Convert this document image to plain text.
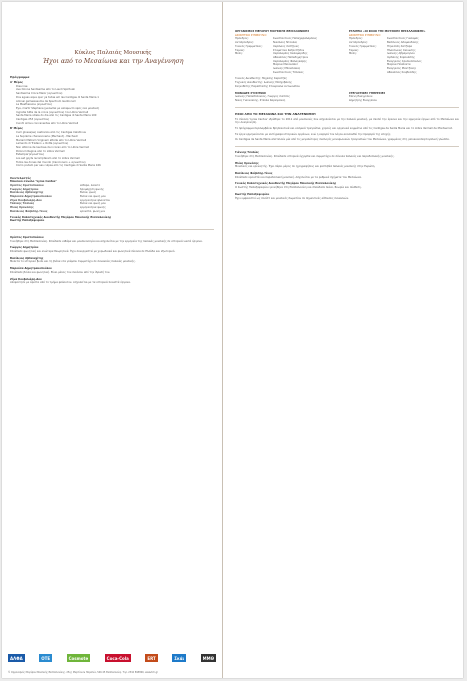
Κύκλος Παλαιάς Μουσικής
Ήχοι από το Μεσαίωνα και την Αναγέννηση
Πρόγραμμα
Α' Μέρος
Dies irae
Ave Donna Santissima από το Laudi Spirituali
Santissima Croce Maior (αγνώστου)
Dos aguas aqua que' ya todas em las Cantigas di Santa Maria 1
Adonai gamesiasuma de Spectrum Gentiorum
La Mesthereine (αγνώστου)
Eya, martir Stephane (μελωδία με καλαμωτό ύφος ένα μουσικό)
Ingratia tutta de la croce (αγνώστου) του Llibre Vermell
Santa Maria strela do dia από τις Cantigas di Santa Maria 100
Cantigas 253 (αγνώστου)
Cuncti simus concanentes από το Llibre Vermell
Β' Μέρος
Cum glosas(se) castrarios από τις Cantigas Calixtinus
La Suprème chansonnerie (Machaut) - Machaut
Mariam Matrem Virginem attolle από το Llibre Vermell
Lamento di Tristano + Rotta (αγνώστου)
Non attorna de laudosa da in Gran από το Llibre Vermell
Polorum Regina από το Llibre Vermell
Estampie'(αγνώστου)
Los set goyts recomptarem από το Llibre Vermell
Todos las donas del mundo (Cancionero + αγνώστου)
Como podem per sas culpas από τις Cantigas di Santa Maria 166
Συντελεστές
Μουσικό σύνολο "Lyras Cantus"
Χρίστος Χριστοδούλου	κιθάρα, λαούτο
Γιώργος Δημητρίου	δρομάχηση φωνής
Βασίλειος Αβδελαχίτης	Βιόλα, φωνή
Μαρούσα Δημητρακοπούλου	Βιόλα και φωνή μου
Ζήνα Κουβελιάρη-Δου	ερμηνεύτρια φλαούτου
Τάλλεης Τσαλίας	Βιόλα και φωνή μου
Ηλίας Χρονόσης	ερμηνεύτρια φωνής
Βασίλειος Φοίβιδης-Ξένος	κρουστά, φωνή μου
Γενικός Καλλιτεχνικός Διευθυντής Μεγάρου Μουσικής Θεσσαλονίκης
Κωστής Παπαζαφειρίου
Χρίστος Χριστοδούλου
Γεννήθηκε στη Θεσσαλονίκη. Σπούδασε κιθάρα και μουσικολογία και ασχολείται με την ερμηνεία της παλαιάς μουσικής σε ιστορικά νυκτά όργανα.
Γιώργος Δημητρίου
Σπούδασε φωνητική και ανώτερα θεωρητικά. Έχει συνεργαστεί με χορωδιακά και φωνητικά σύνολα σε Ελλάδα και εξωτερικό.
Βασίλειος Αβδελαχίτης
Μελετά το ιστορικό βιολί και τη βιόλα ντα γκάμπα. Συμμετέχει σε συναυλίες παλαιάς μουσικής.
Μαρούσα Δημητρακοπούλου
Σπούδασε βιόλα και φωνητική. Είναι μέλος του συνόλου από την ίδρυσή του.
Ζήνα Κουβελιάρη-Δου
Αποφοίτησε με άριστα από το τμήμα φλάουτου. Ασχολείται με τα ιστορικά πνευστά όργανα.
ΑΛΦΑ	OTE	Cosmote	Coca-Cola	ERT	Σκάι	ΜΜΘ
© Οργανισμός Μεγάρου Μουσικής Θεσσαλονίκης. 25ης Μαρτίου & Παραλία, 546 45 Θεσσαλονίκη. Τηλ. 2310 895800, www.tch.gr
ΟΡΓΑΝΙΣΜΟΣ ΜΕΓΑΡΟΥ ΜΟΥΣΙΚΗΣ ΘΕΣΣΑΛΟΝΙΚΗΣ
ΔΙΟΙΚΗΤΙΚΟ ΣΥΜΒΟΥΛΙΟ
Πρόεδρος:	Κωνσταντίνος Παπαχαραλάμπους
Αντιπρόεδρος:	Νικόλαος Ντούλας
Γενικός Γραμματέας:	Χαρίλαος Χατζήνας
Ταμίας:	Σταματίνα Καζαντζίδου
Μέλη:	Χαράλαμπος Καλαμαρίδης
Αθανάσιος Παπαδημητρίου
Χαράλαμπος Φαλαγκάρης
Μαρίνα Μανουσάκη
Ιωάννης Μπουσιάκας
Κωνσταντίνος Τσόλκας
ΕΤΑΙΡΕΙΑ «ΟΙ ΦΙΛΟΙ ΤΗΣ ΜΟΥΣΙΚΗΣ ΘΕΣΣΑΛΟΝΙΚΗΣ»
ΔΙΟΙΚΗΤΙΚΟ ΣΥΜΒΟΥΛΙΟ
Πρόεδρος:	Κωνσταντίνος Γιαλαμάς
Αντιπρόεδρος:	Βασίλειος Αδαμανδάνης
Γενικός Γραμματέας:	Πηνελόπη Χατζάρα
Ταμίας:	Πλαύτωνας Χανιώτης
Μέλη:	Ιωάννης Αβράμογλου
Ιορδάνης Σοφουλίδης
Ευάγγελος Χρυσικόπουλος
Μαρίνα Πλαπούτα
Ευάγγελος Μαντζάνης
Αθανάσιος Κουβελίδης
Γενικός Διευθυντής: Μιχάλης Καρατζάς
Τεχνικός Διευθυντής: Ιωάννης Μοσχοβάκης
Σκηνοθέτης Παράστασης Σταυρούλα Αντωνιάδου
ΜΟΝΑΔΕΣ ΣΥΣΣΙΤΙΩΝ
Ιωάννης Παπαδόπουλος, Γιώργος Λιάτσος
Νίκος Γιαννούλης, Στέλλα Καραγιάννη
ΣΤΕΓΑΣΤΙΚΕΣ ΥΠΗΡΕΣΙΕΣ
Ελένη Ευαγγελίου
Δημήτρης Ευαγγέλου
ΗΧΟΙ ΑΠΟ ΤΟ ΜΕΣΑΙΩΝΑ ΚΑΙ ΤΗΝ ΑΝΑΓΕΝΝΗΣΗ
Το σύνολο 'Lyras Cantus' ιδρύθηκε το 2011 από μουσικούς που ασχολούνται με την παλαιά μουσική, με σκοπό την έρευνα και την ερμηνεία έργων από το Μεσαίωνα και την Αναγέννηση.
Το πρόγραμμα περιλαμβάνει θρησκευτικά και κοσμικά τραγούδια, χορούς και οργανικά κομμάτια από τις Cantigas de Santa Maria και το Llibre Vermell de Montserrat.
Τα έργα ερμηνεύονται με αντίγραφα ιστορικών οργάνων, ενώ η εκφορά του λόγου ακολουθεί την προφορά της εποχής.
Οι Cantigas de Santa Maria αποτελούν μία από τις μεγαλύτερες συλλογές μονοφωνικών τραγουδιών του Μεσαίωνα, γραμμένες στη γαλικιανοπορτογαλική γλώσσα.
Γιάννης Τσαλίας
Γεννήθηκε στη Θεσσαλονίκη. Σπούδασε ιστορικά έγχορδα και συμμετέχει σε σύνολα παλαιάς και παραδοσιακής μουσικής.
Ηλίας Χρονόσης
Μουσικός και ερευνητής. Έχει πάρει μέρος σε ηχογραφήσεις και φεστιβάλ παλαιάς μουσικής στην Ευρώπη.
Βασίλειος Φοίβιδης-Ξένος
Σπούδασε κρουστά και παραδοσιακή μουσική. Ασχολείται με τα ρυθμικά σχήματα του Μεσαίωνα.
Γενικός Καλλιτεχνικός Διευθυντής Μεγάρου Μουσικής Θεσσαλονίκης
Ο Κωστής Παπαζαφειρίου γεννήθηκε στη Θεσσαλονίκη και σπούδασε πιάνο, θεωρία και σύνθεση.
Κωστής Παπαζαφειρίου
Έχει εμφανιστεί ως σολίστ και μουσικός δωματίου σε σημαντικές αίθουσες συναυλιών.
